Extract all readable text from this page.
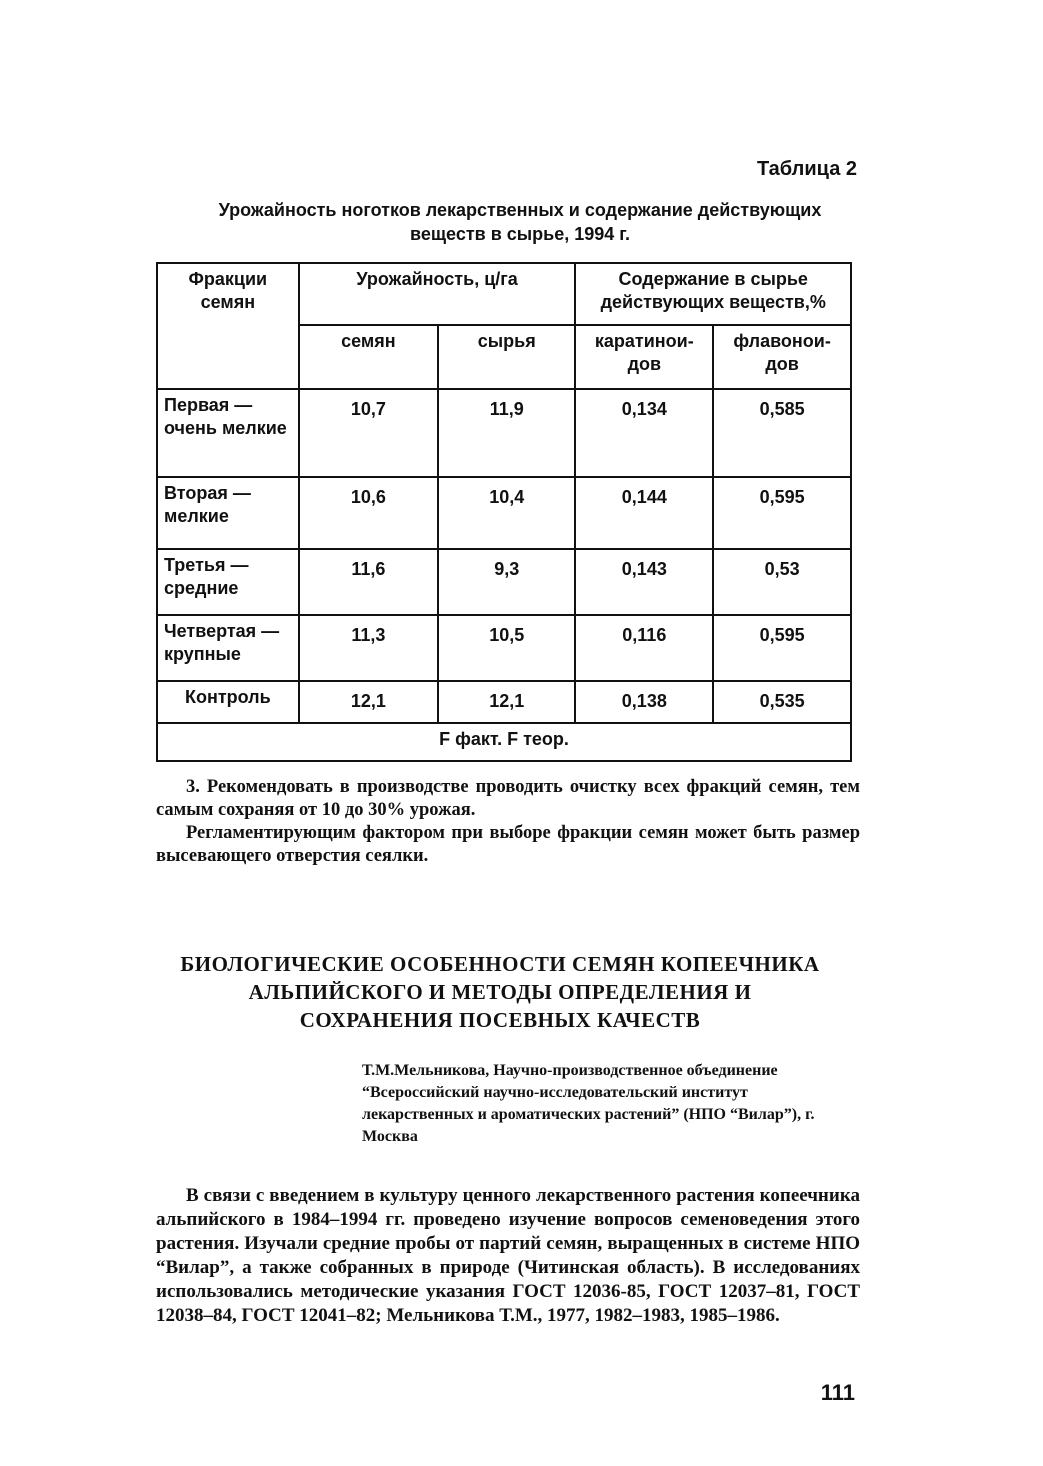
Таблица 2
Урожайность ноготков лекарственных и содержание действующих
веществ в сырье, 1994 г.
Фракции семян	Урожайность, ц/га		Содержание в сырье действующих веществ,%	
	семян	сырья	каратинои-дов	флавонои-дов
Первая — очень мелкие	10,7	11,9	0,134	0,585
Вторая — мелкие	10,6	10,4	0,144	0,595
Третья — средние	11,6	9,3	0,143	0,53
Четвертая — крупные	11,3	10,5	0,116	0,595
Контроль	12,1	12,1	0,138	0,535
F факт. F теор.				

3. Рекомендовать в производстве проводить очистку всех фракций семян, тем самым сохраняя от 10 до 30% урожая.

Регламентирующим фактором при выборе фракции семян может быть размер высевающего отверстия сеялки.

БИОЛОГИЧЕСКИЕ ОСОБЕННОСТИ СЕМЯН КОПЕЕЧНИКА
АЛЬПИЙСКОГО И МЕТОДЫ ОПРЕДЕЛЕНИЯ И
СОХРАНЕНИЯ ПОСЕВНЫХ КАЧЕСТВ
Т.М.Мельникова, Научно-производственное объединение “Всероссийский научно-исследовательский институт лекарственных и ароматических растений” (НПО “Вилар”), г. Москва

В связи с введением в культуру ценного лекарственного растения копеечника альпийского в 1984–1994 гг. проведено изучение вопросов семеноведения этого растения. Изучали средние пробы от партий семян, выращенных в системе НПО “Вилар”, а также собранных в природе (Читинская область). В исследованиях использовались методические указания ГОСТ 12036-85, ГОСТ 12037–81, ГОСТ 12038–84, ГОСТ 12041–82; Мельникова Т.М., 1977, 1982–1983, 1985–1986.

111
